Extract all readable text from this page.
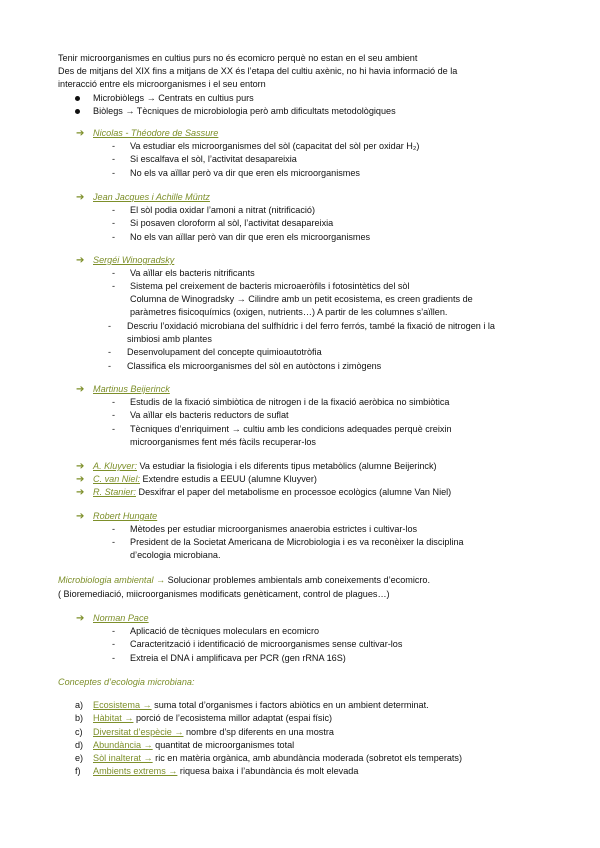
Tenir microorganismes en cultius purs no és ecomicro perquè no estan en el seu ambient
Des de mitjans del XIX fins a mitjans de XX és l’etapa del cultiu axènic, no hi havia informació de la
interacció entre els microorganismes i el seu entorn
Microbiòlegs → Centrats en cultius purs
Biòlegs → Tècniques de microbiologia però amb dificultats metodològiques
➔ Nicolas - Théodore de Sassure
- Va estudiar els microorganismes del sòl (capacitat del sòl per oxidar H₂)
- Si escalfava el sòl, l’activitat desapareixia
- No els va aïllar però va dir que eren els microorganismes
➔ Jean Jacques i Achille Müntz
- El sòl podia oxidar l’amoni a nitrat (nitrificació)
- Si posaven cloroform al sòl, l’activitat desapareixia
- No els van aïllar però van dir que eren els microorganismes
➔ Sergéi Winogradsky
- Va aïllar els bacteris nitrificants
- Sistema pel creixement de bacteris microaeròfils i fotosintètics del sòl
Columna de Winogradsky → Cilindre amb un petit ecosistema, es creen gradients de
paràmetres fisicoquímics (oxigen, nutrients…) A partir de les columnes s’aïllen.
- Descriu l’oxidació microbiana del sulfhídric i del ferro ferrós, també la fixació de nitrogen i la
simbiosi amb plantes
- Desenvolupament del concepte quimioautotròfia
- Classifica els microorganismes del sòl en autòctons i zimògens
➔ Martinus Beijerinck
- Estudis de la fixació simbiòtica de nitrogen i de la fixació aeròbica no simbiòtica
- Va aïllar els bacteris reductors de suflat
- Tècniques d’enriquiment → cultiu amb les condicions adequades perquè creixin
microorganismes fent més fàcils recuperar-los
➔ A. Kluyver: Va estudiar la fisiologia i els diferents tipus metabòlics (alumne Beijerinck)
➔ C. van Niel: Extendre estudis a EEUU (alumne Kluyver)
➔ R. Stanier: Desxifrar el paper del metabolisme en processoe ecològics (alumne Van Niel)
➔ Robert Hungate
- Mètodes per estudiar microorganismes anaerobia estrictes i cultivar-los
- President de la Societat Americana de Microbiologia i es va reconèixer la disciplina
d’ecologia microbiana.
Microbiologia ambiental → Solucionar problemes ambientals amb coneixements d’ecomicro.
( Bioremediació, miicroorganismes modificats genèticament, control de plagues…)
➔ Norman Pace
- Aplicació de tècniques moleculars en ecomicro
- Caracterització i identificació de microorganismes sense cultivar-los
- Extreia el DNA i amplificava per PCR (gen rRNA 16S)
Conceptes d’ecologia microbiana:
a) Ecosistema → suma total d’organismes i factors abiòtics en un ambient determinat.
b) Hàbitat → porció de l’ecosistema millor adaptat (espai físic)
c) Diversitat d’espècie → nombre d’sp diferents en una mostra
d) Abundància → quantitat de microorganismes total
e) Sòl inalterat → ric en matèria orgànica, amb abundància moderada (sobretot els temperats)
f) Ambients extrems → riquesa baixa i l’abundància és molt elevada
